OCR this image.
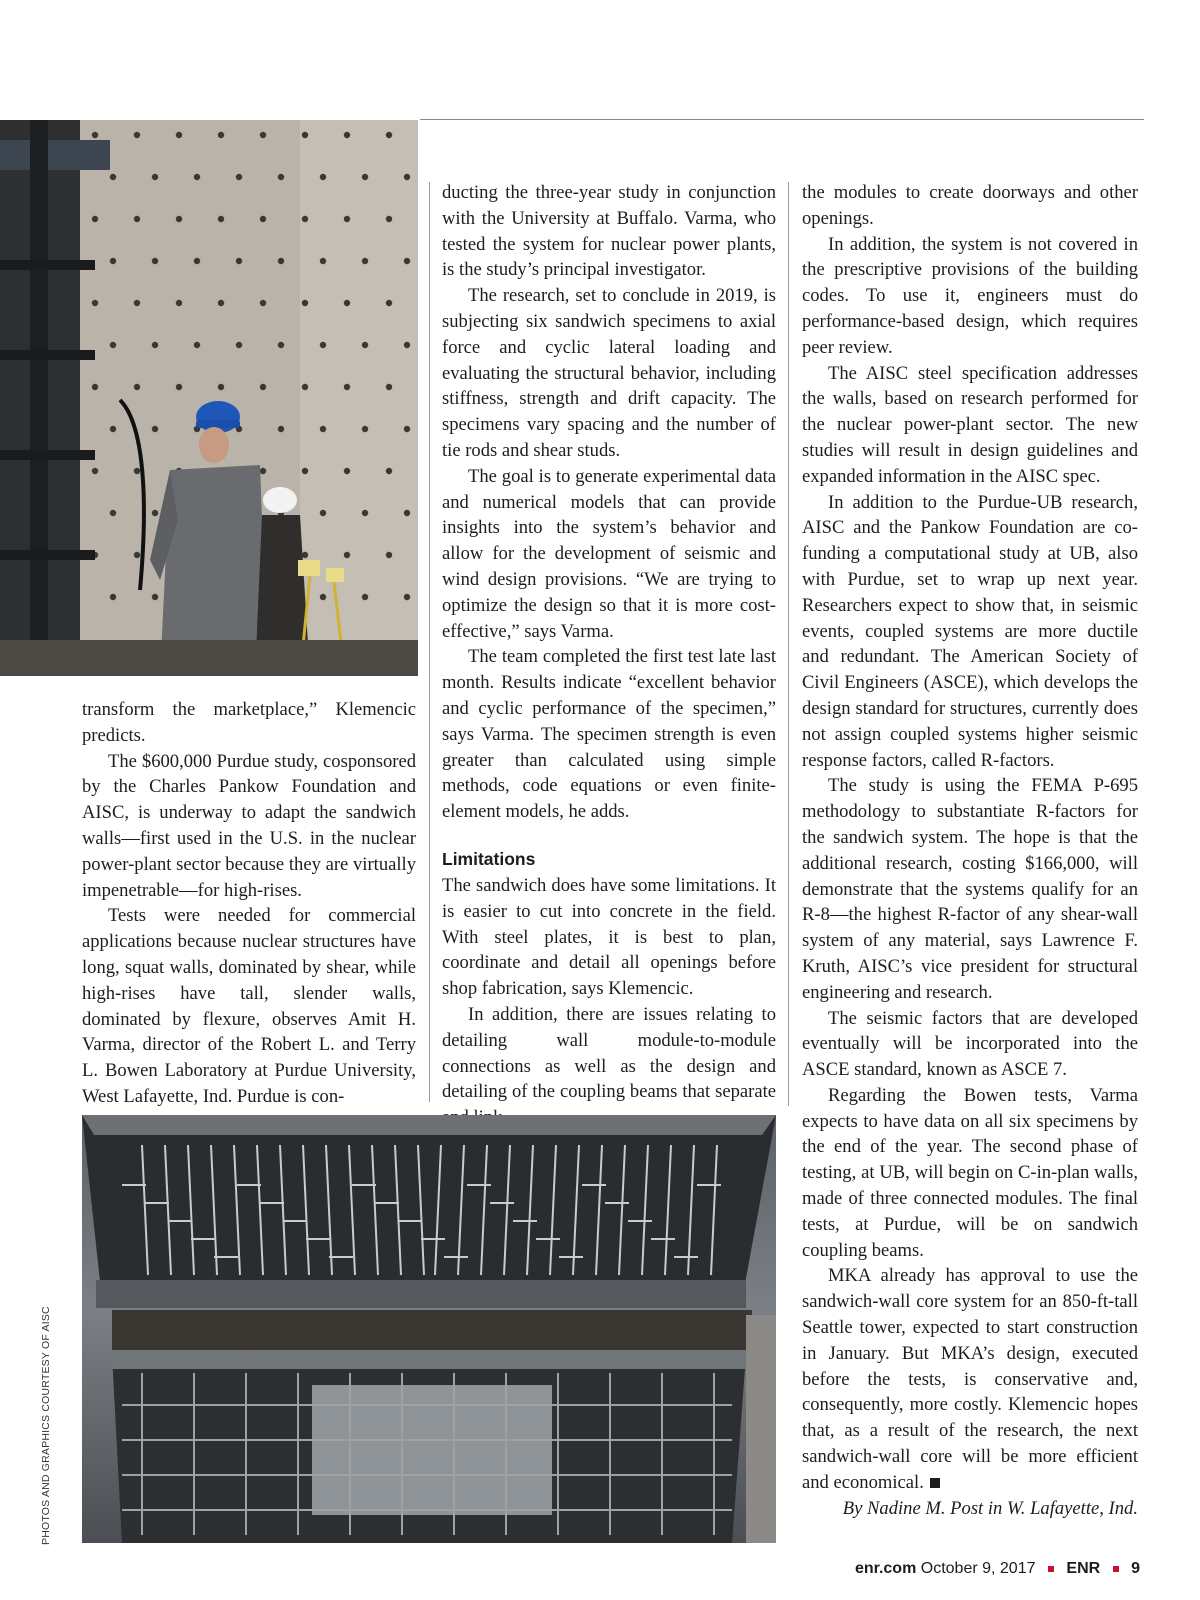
transform the marketplace,” Klemencic predicts.

The $600,000 Purdue study, cosponsored by the Charles Pankow Foundation and AISC, is underway to adapt the sandwich walls—first used in the U.S. in the nuclear power-plant sector because they are virtually impenetrable—for high-rises.

Tests were needed for commercial applications because nuclear structures have long, squat walls, dominated by shear, while high-rises have tall, slender walls, dominated by flexure, observes Amit H. Varma, director of the Robert L. and Terry L. Bowen Laboratory at Purdue University, West Lafayette, Ind. Purdue is con-

ducting the three-year study in conjunction with the University at Buffalo. Varma, who tested the system for nuclear power plants, is the study’s principal investigator.

The research, set to conclude in 2019, is subjecting six sandwich specimens to axial force and cyclic lateral loading and evaluating the structural behavior, including stiffness, strength and drift capacity. The specimens vary spacing and the number of tie rods and shear studs.

The goal is to generate experimental data and numerical models that can provide insights into the system’s behavior and allow for the development of seismic and wind design provisions. “We are trying to optimize the design so that it is more cost-effective,” says Varma.

The team completed the first test late last month. Results indicate “excellent behavior and cyclic performance of the specimen,” says Varma. The specimen strength is even greater than calculated using simple methods, code equations or even finite-element models, he adds.

Limitations

The sandwich does have some limitations. It is easier to cut into concrete in the field. With steel plates, it is best to plan, coordinate and detail all openings before shop fabrication, says Klemencic.

In addition, there are issues relating to detailing wall module-to-module connections as well as the design and detailing of the coupling beams that separate

the modules to create doorways and other openings.

In addition, the system is not covered in the prescriptive provisions of the building codes. To use it, engineers must do performance-based design, which requires peer review.

The AISC steel specification addresses the walls, based on research performed for the nuclear power-plant sector. The new studies will result in design guidelines and expanded information in the AISC spec.

In addition to the Purdue-UB research, AISC and the Pankow Foundation are co-funding a computational study at UB, also with Purdue, set to wrap up next year. Researchers expect to show that, in seismic events, coupled systems are more ductile and redundant. The American Society of Civil Engineers (ASCE), which develops the design standard for structures, currently does not assign coupled systems higher seismic response factors, called R-factors.

The study is using the FEMA P-695 methodology to substantiate R-factors for the sandwich system. The hope is that the additional research, costing $166,000, will demonstrate that the systems qualify for an R-8—the highest R-factor of any shear-wall system of any material, says Lawrence F. Kruth, AISC’s vice president for structural engineering and research.

The seismic factors that are developed eventually will be incorporated into the ASCE standard, known as ASCE 7.

Regarding the Bowen tests, Varma expects to have data on all six specimens by the end of the year. The second phase of testing, at UB, will begin on C-in-plan walls, made of three connected modules. The final tests, at Purdue, will be on sandwich coupling beams.

MKA already has approval to use the sandwich-wall core system for an 850-ft-tall Seattle tower, expected to start construction in January. But MKA’s design, executed before the tests, is conservative and, consequently, more costly. Klemencic hopes that, as a result of the research, the next sandwich-wall core will be more efficient and economical.

By Nadine M. Post in W. Lafayette, Ind.

PHOTOS AND GRAPHICS COURTESY OF AISC
enr.com October 9, 2017 ENR 9
